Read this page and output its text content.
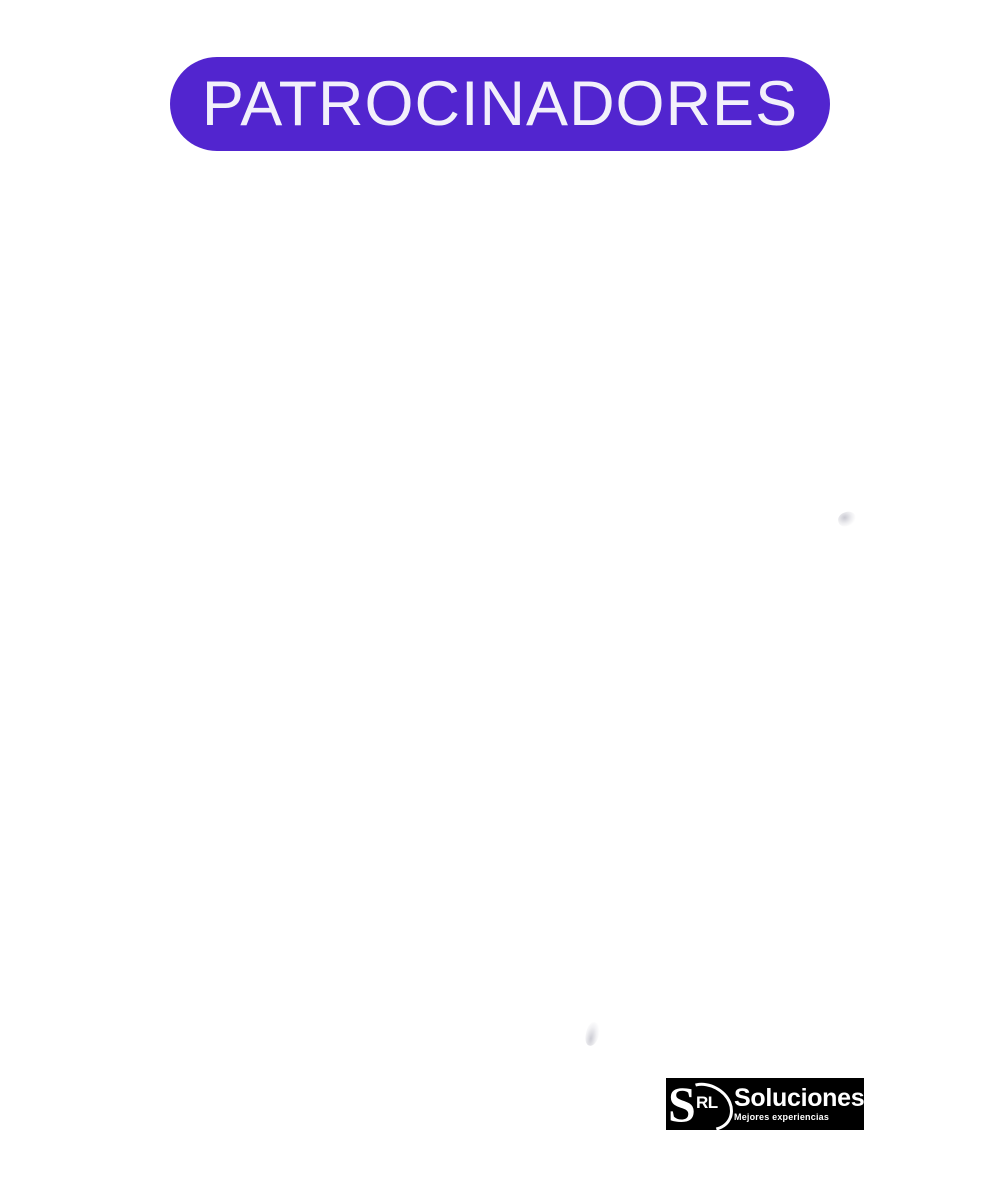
PATROCINADORES
S RL Soluciones
Mejores experiencias
